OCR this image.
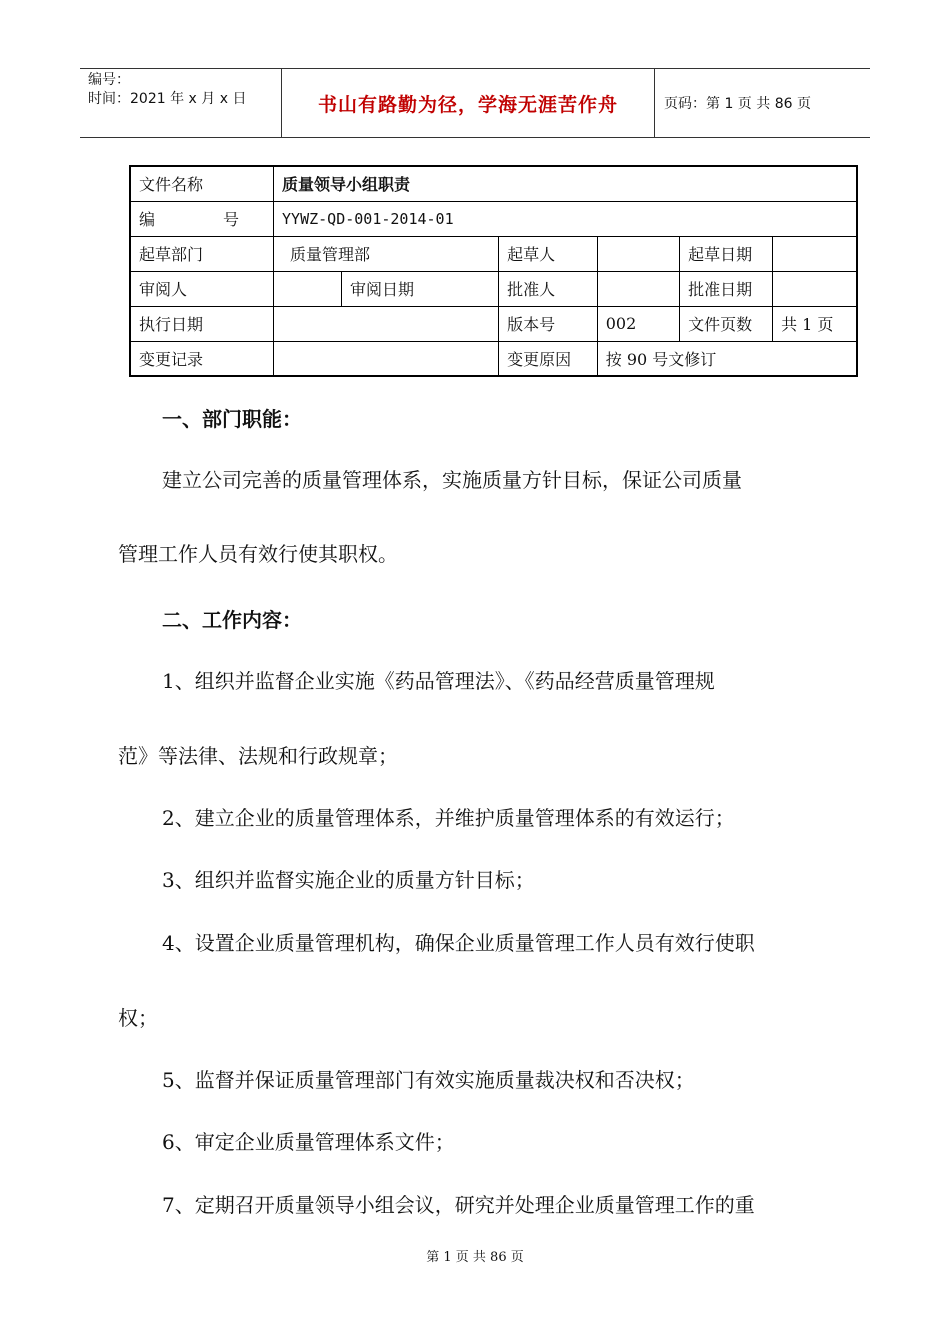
编号：
时间：2021 年 x 月 x 日	书山有路勤为径，学海无涯苦作舟	页码：第 1 页 共 86 页
文件名称	质量领导小组职责					
编　号	YYWZ-QD-001-2014-01					
起草部门	质量管理部		起草人		起草日期	
审阅人		审阅日期	批准人		批准日期	
执行日期			版本号	002	文件页数	共 1 页
变更记录			变更原因	按 90 号文修订		
一、部门职能：
建立公司完善的质量管理体系，实施质量方针目标，保证公司质量
管理工作人员有效行使其职权。
二、工作内容：
1、组织并监督企业实施《药品管理法》、《药品经营质量管理规
范》等法律、法规和行政规章；
2、建立企业的质量管理体系，并维护质量管理体系的有效运行；
3、组织并监督实施企业的质量方针目标；
4、设置企业质量管理机构，确保企业质量管理工作人员有效行使职
权；
5、监督并保证质量管理部门有效实施质量裁决权和否决权；
6、审定企业质量管理体系文件；
7、定期召开质量领导小组会议，研究并处理企业质量管理工作的重
第 1 页 共 86 页
